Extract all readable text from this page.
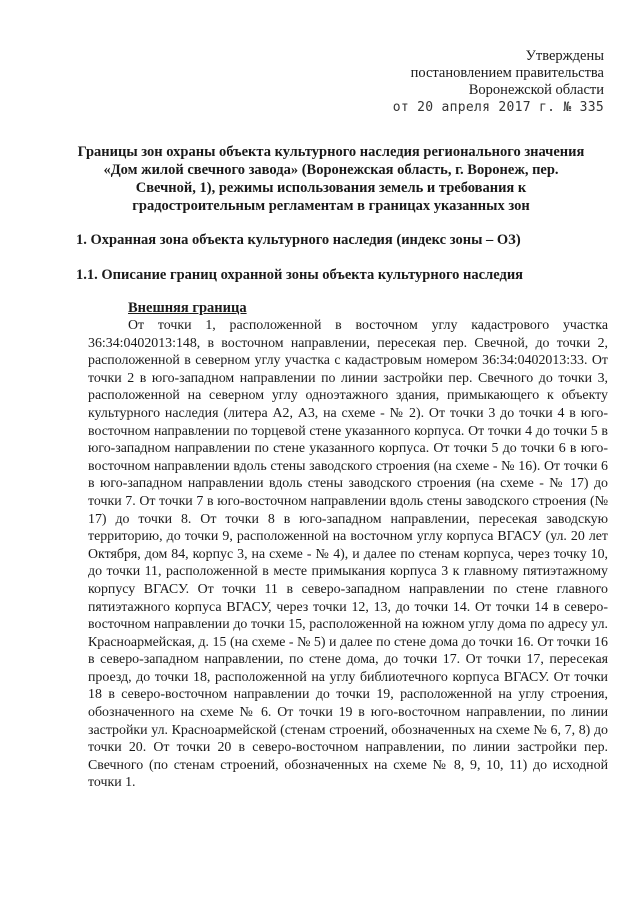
Утверждены
постановлением правительства
Воронежской области
от 20 апреля 2017 г. № 335
Границы зон охраны объекта культурного наследия регионального значения «Дом жилой свечного завода» (Воронежская область, г. Воронеж, пер. Свечной, 1), режимы использования земель и требования к градостроительным регламентам в границах указанных зон
1. Охранная зона объекта культурного наследия (индекс зоны – ОЗ)
1.1. Описание границ охранной зоны объекта культурного наследия
Внешняя граница
От точки 1, расположенной в восточном углу кадастрового участка 36:34:0402013:148, в восточном направлении, пересекая пер. Свечной, до точки 2, расположенной в северном углу участка с кадастровым номером 36:34:0402013:33. От точки 2 в юго-западном направлении по линии застройки пер. Свечного до точки 3, расположенной на северном углу одноэтажного здания, примыкающего к объекту культурного наследия (литера А2, А3, на схеме - № 2). От точки 3 до точки 4 в юго-восточном направлении по торцевой стене указанного корпуса. От точки 4 до точки 5 в юго-западном направлении по стене указанного корпуса. От точки 5 до точки 6 в юго-восточном направлении вдоль стены заводского строения (на схеме - № 16). От точки 6 в юго-западном направлении вдоль стены заводского строения (на схеме - № 17) до точки 7. От точки 7 в юго-восточном направлении вдоль стены заводского строения (№ 17) до точки 8. От точки 8 в юго-западном направлении, пересекая заводскую территорию, до точки 9, расположенной на восточном углу корпуса ВГАСУ (ул. 20 лет Октября, дом 84, корпус 3, на схеме - № 4), и далее по стенам корпуса, через точку 10, до точки 11, расположенной в месте примыкания корпуса 3 к главному пятиэтажному корпусу ВГАСУ. От точки 11 в северо-западном направлении по стене главного пятиэтажного корпуса ВГАСУ, через точки 12, 13, до точки 14. От точки 14 в северо-восточном направлении до точки 15, расположенной на южном углу дома по адресу ул. Красноармейская, д. 15 (на схеме - № 5) и далее по стене дома до точки 16. От точки 16 в северо-западном направлении, по стене дома, до точки 17. От точки 17, пересекая проезд, до точки 18, расположенной на углу библиотечного корпуса ВГАСУ. От точки 18 в северо-восточном направлении до точки 19, расположенной на углу строения, обозначенного на схеме № 6. От точки 19 в юго-восточном направлении, по линии застройки ул. Красноармейской (стенам строений, обозначенных на схеме № 6, 7, 8) до точки 20. От точки 20 в северо-восточном направлении, по линии застройки пер. Свечного (по стенам строений, обозначенных на схеме № 8, 9, 10, 11) до исходной точки 1.
